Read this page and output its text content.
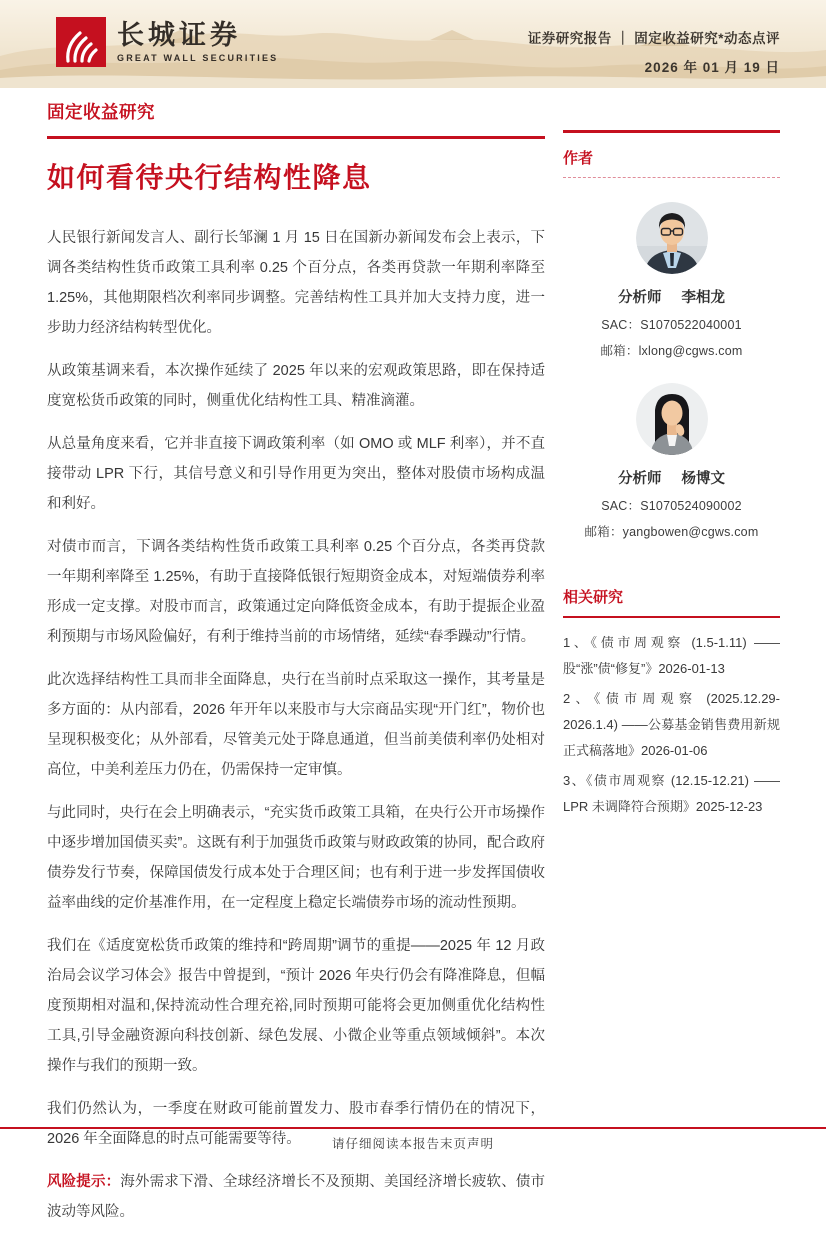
长城证券
GREAT WALL SECURITIES
证券研究报告 ｜ 固定收益研究*动态点评
2026 年 01 月 19 日
固定收益研究
如何看待央行结构性降息

人民银行新闻发言人、副行长邹澜 1 月 15 日在国新办新闻发布会上表示，下调各类结构性货币政策工具利率 0.25 个百分点，各类再贷款一年期利率降至 1.25%，其他期限档次利率同步调整。完善结构性工具并加大支持力度，进一步助力经济结构转型优化。

从政策基调来看，本次操作延续了 2025 年以来的宏观政策思路，即在保持适度宽松货币政策的同时，侧重优化结构性工具、精准滴灌。

从总量角度来看，它并非直接下调政策利率（如 OMO 或 MLF 利率），并不直接带动 LPR 下行，其信号意义和引导作用更为突出，整体对股债市场构成温和利好。

对债市而言，下调各类结构性货币政策工具利率 0.25 个百分点，各类再贷款一年期利率降至 1.25%，有助于直接降低银行短期资金成本，对短端债券利率形成一定支撑。对股市而言，政策通过定向降低资金成本，有助于提振企业盈利预期与市场风险偏好，有利于维持当前的市场情绪，延续“春季躁动”行情。

此次选择结构性工具而非全面降息，央行在当前时点采取这一操作，其考量是多方面的：从内部看，2026 年开年以来股市与大宗商品实现“开门红”，物价也呈现积极变化；从外部看，尽管美元处于降息通道，但当前美债利率仍处相对高位，中美利差压力仍在，仍需保持一定审慎。

与此同时，央行在会上明确表示，“充实货币政策工具箱，在央行公开市场操作中逐步增加国债买卖”。这既有利于加强货币政策与财政政策的协同，配合政府债券发行节奏，保障国债发行成本处于合理区间；也有利于进一步发挥国债收益率曲线的定价基准作用，在一定程度上稳定长端债券市场的流动性预期。

我们在《适度宽松货币政策的维持和“跨周期”调节的重提——2025 年 12 月政治局会议学习体会》报告中曾提到，“预计 2026 年央行仍会有降准降息，但幅度预期相对温和,保持流动性合理充裕,同时预期可能将会更加侧重优化结构性工具,引导金融资源向科技创新、绿色发展、小微企业等重点领域倾斜”。本次操作与我们的预期一致。

我们仍然认为，一季度在财政可能前置发力、股市春季行情仍在的情况下，2026 年全面降息的时点可能需要等待。

风险提示：海外需求下滑、全球经济增长不及预期、美国经济增长疲软、债市波动等风险。

作者
分析师 李相龙
SAC：S1070522040001
邮箱：lxlong@cgws.com
分析师 杨博文
SAC：S1070524090002
邮箱：yangbowen@cgws.com
相关研究
1、《债市周观察 (1.5-1.11) ——股“涨”债“修复”》2026-01-13
2、《债市周观察 (2025.12.29-2026.1.4) ——公募基金销售费用新规正式稿落地》2026-01-06
3、《债市周观察 (12.15-12.21) ——LPR 未调降符合预期》2025-12-23
请仔细阅读本报告末页声明
